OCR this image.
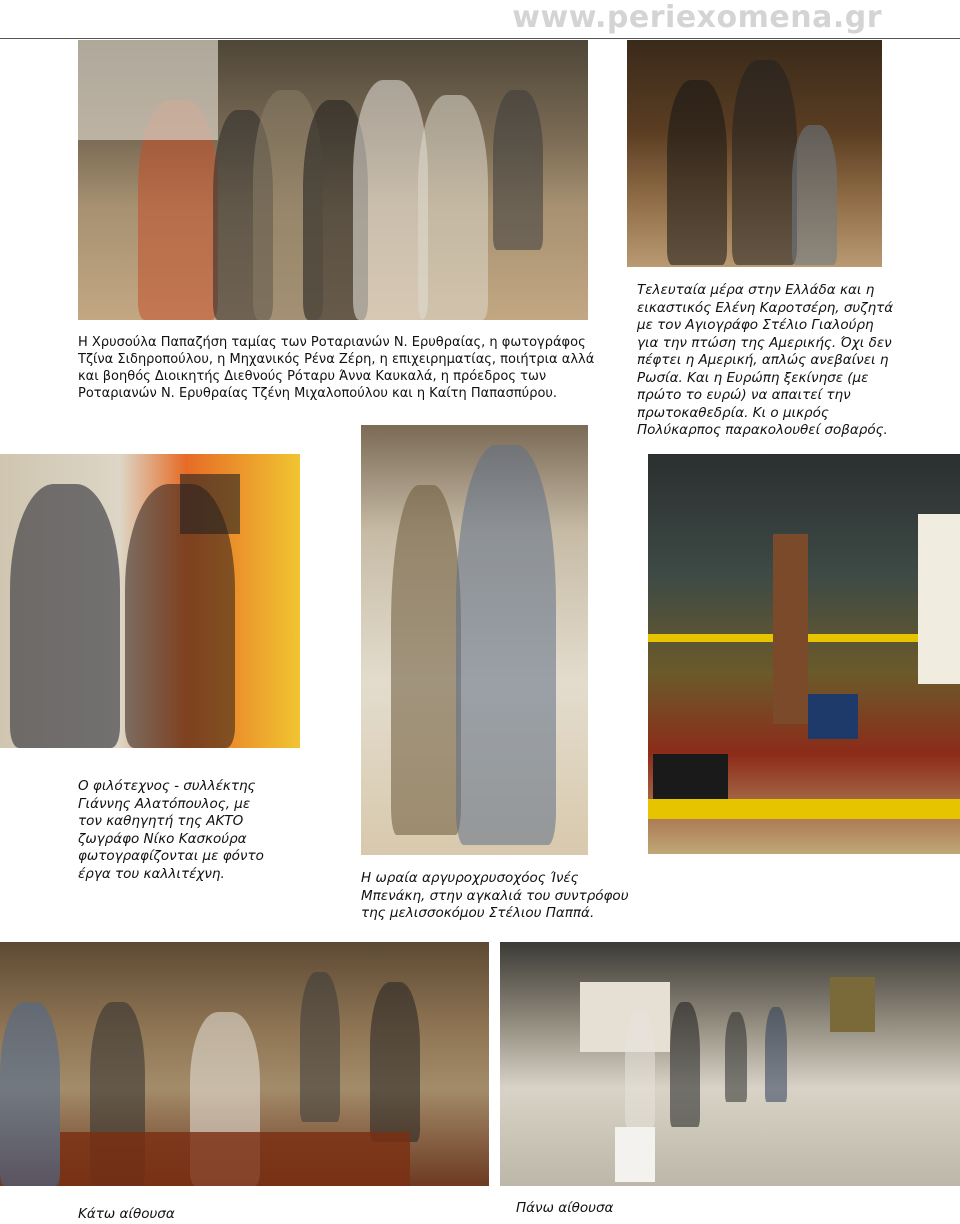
www.periexomena.gr
Η Χρυσούλα Παπαζήση ταμίας των Ροταριανών Ν. Ερυθραίας, η φωτογράφος Τζίνα Σιδηροπούλου, η Μηχανικός Ρένα Ζέρη, η επιχειρηματίας, ποιήτρια αλλά και βοηθός Διοικητής Διεθνούς Ρόταρυ Άννα Καυκαλά, η πρόεδρος των Ροταριανών Ν. Ερυθραίας Τζένη Μιχαλοπούλου και η Καίτη Παπασπύρου.
Τελευταία μέρα στην Ελλάδα και η εικαστικός Ελένη Καροτσέρη, συζητά με τον Αγιογράφο Στέλιο Γιαλούρη για την πτώση της Αμερικής. Όχι δεν πέφτει η Αμερική, απλώς ανεβαίνει η Ρωσία. Και η Ευρώπη ξεκίνησε (με πρώτο το ευρώ) να απαιτεί την πρωτοκαθεδρία. Κι ο μικρός Πολύκαρπος παρακολουθεί σοβαρός.
Ο φιλότεχνος - συλλέκτης Γιάννης Αλατόπουλος, με τον καθηγητή της ΑΚΤΟ ζωγράφο Νίκο Κασκούρα φωτογραφίζονται με φόντο έργα του καλλιτέχνη.	Η ωραία αργυροχρυσοχόος Ίνές Μπενάκη, στην αγκαλιά του συντρόφου της μελισσοκόμου Στέλιου Παππά.
Κάτω αίθουσα	Πάνω αίθουσα
